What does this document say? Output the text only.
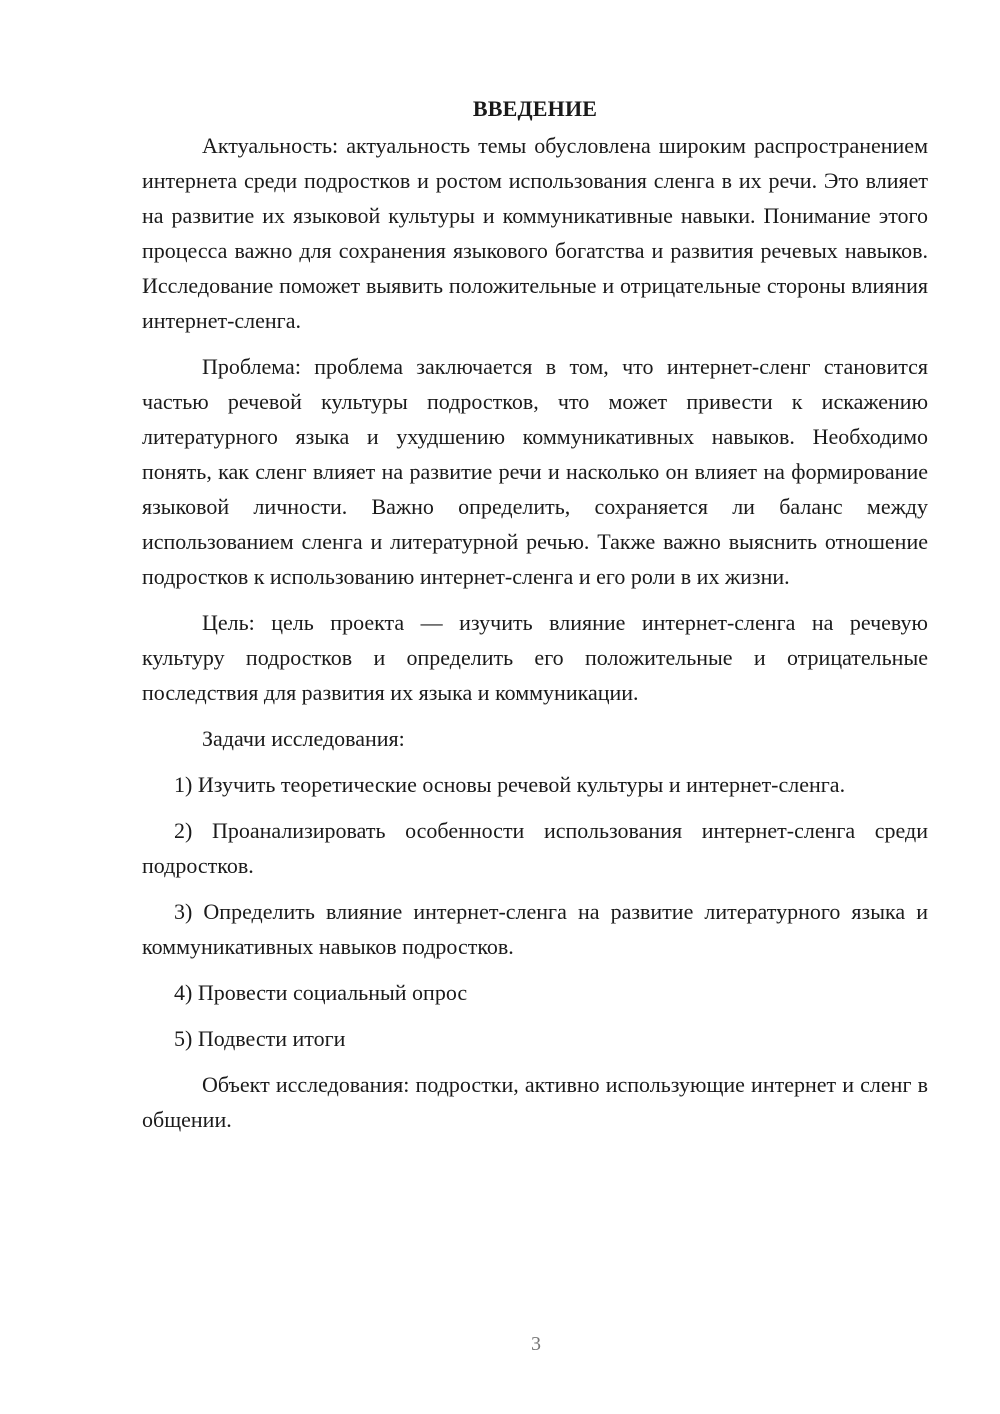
ВВЕДЕНИЕ

Актуальность: актуальность темы обусловлена широким распространением интернета среди подростков и ростом использования сленга в их речи. Это влияет на развитие их языковой культуры и коммуникативные навыки. Понимание этого процесса важно для сохранения языкового богатства и развития речевых навыков. Исследование поможет выявить положительные и отрицательные стороны влияния интернет-сленга.

Проблема: проблема заключается в том, что интернет-сленг становится частью речевой культуры подростков, что может привести к искажению литературного языка и ухудшению коммуникативных навыков. Необходимо понять, как сленг влияет на развитие речи и насколько он влияет на формирование языковой личности. Важно определить, сохраняется ли баланс между использованием сленга и литературной речью. Также важно выяснить отношение подростков к использованию интернет-сленга и его роли в их жизни.

Цель: цель проекта — изучить влияние интернет-сленга на речевую культуру подростков и определить его положительные и отрицательные последствия для развития их языка и коммуникации.

Задачи исследования:

1) Изучить теоретические основы речевой культуры и интернет-сленга.

2) Проанализировать особенности использования интернет-сленга среди подростков.

3) Определить влияние интернет-сленга на развитие литературного языка и коммуникативных навыков подростков.

4) Провести социальный опрос

5) Подвести итоги

Объект исследования: подростки, активно использующие интернет и сленг в общении.

3
